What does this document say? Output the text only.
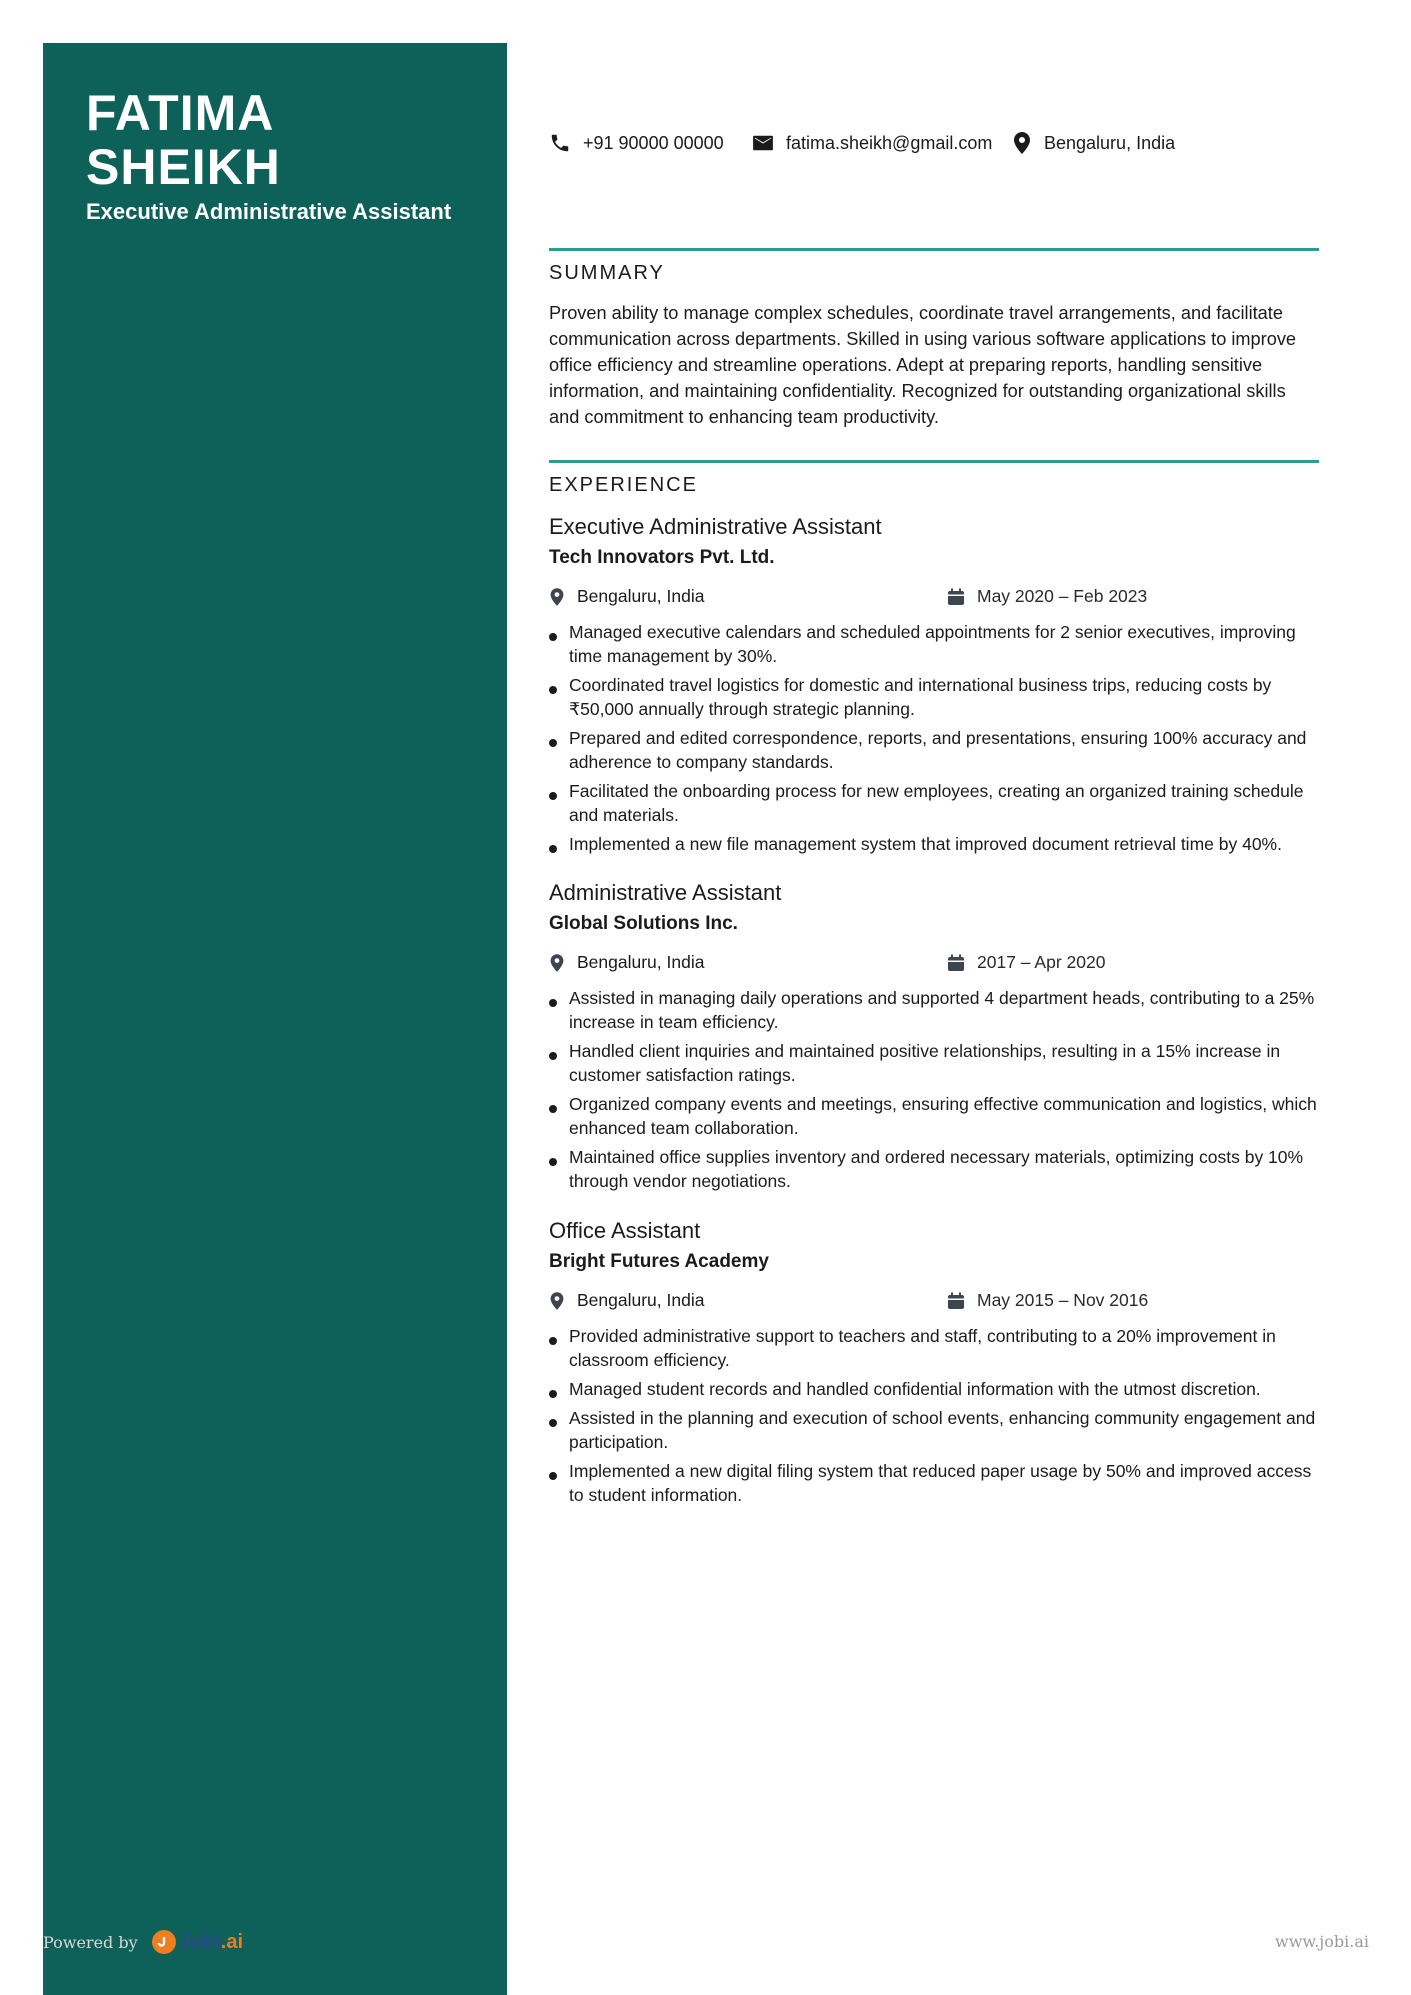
FATIMA
SHEIKH
Executive Administrative Assistant
+91 90000 00000	fatima.sheikh@gmail.com	Bengaluru, India
SUMMARY
Proven ability to manage complex schedules, coordinate travel arrangements, and facilitate communication across departments. Skilled in using various software applications to improve office efficiency and streamline operations. Adept at preparing reports, handling sensitive information, and maintaining confidentiality. Recognized for outstanding organizational skills and commitment to enhancing team productivity.
EXPERIENCE
Executive Administrative Assistant
Tech Innovators Pvt. Ltd.
Bengaluru, India	May 2020 – Feb 2023
Managed executive calendars and scheduled appointments for 2 senior executives, improving time management by 30%.
Coordinated travel logistics for domestic and international business trips, reducing costs by ₹50,000 annually through strategic planning.
Prepared and edited correspondence, reports, and presentations, ensuring 100% accuracy and adherence to company standards.
Facilitated the onboarding process for new employees, creating an organized training schedule and materials.
Implemented a new file management system that improved document retrieval time by 40%.
Administrative Assistant
Global Solutions Inc.
Bengaluru, India	2017 – Apr 2020
Assisted in managing daily operations and supported 4 department heads, contributing to a 25% increase in team efficiency.
Handled client inquiries and maintained positive relationships, resulting in a 15% increase in customer satisfaction ratings.
Organized company events and meetings, ensuring effective communication and logistics, which enhanced team collaboration.
Maintained office supplies inventory and ordered necessary materials, optimizing costs by 10% through vendor negotiations.
Office Assistant
Bright Futures Academy
Bengaluru, India	May 2015 – Nov 2016
Provided administrative support to teachers and staff, contributing to a 20% improvement in classroom efficiency.
Managed student records and handled confidential information with the utmost discretion.
Assisted in the planning and execution of school events, enhancing community engagement and participation.
Implemented a new digital filing system that reduced paper usage by 50% and improved access to student information.
Powered by Jobi.ai	www.jobi.ai
